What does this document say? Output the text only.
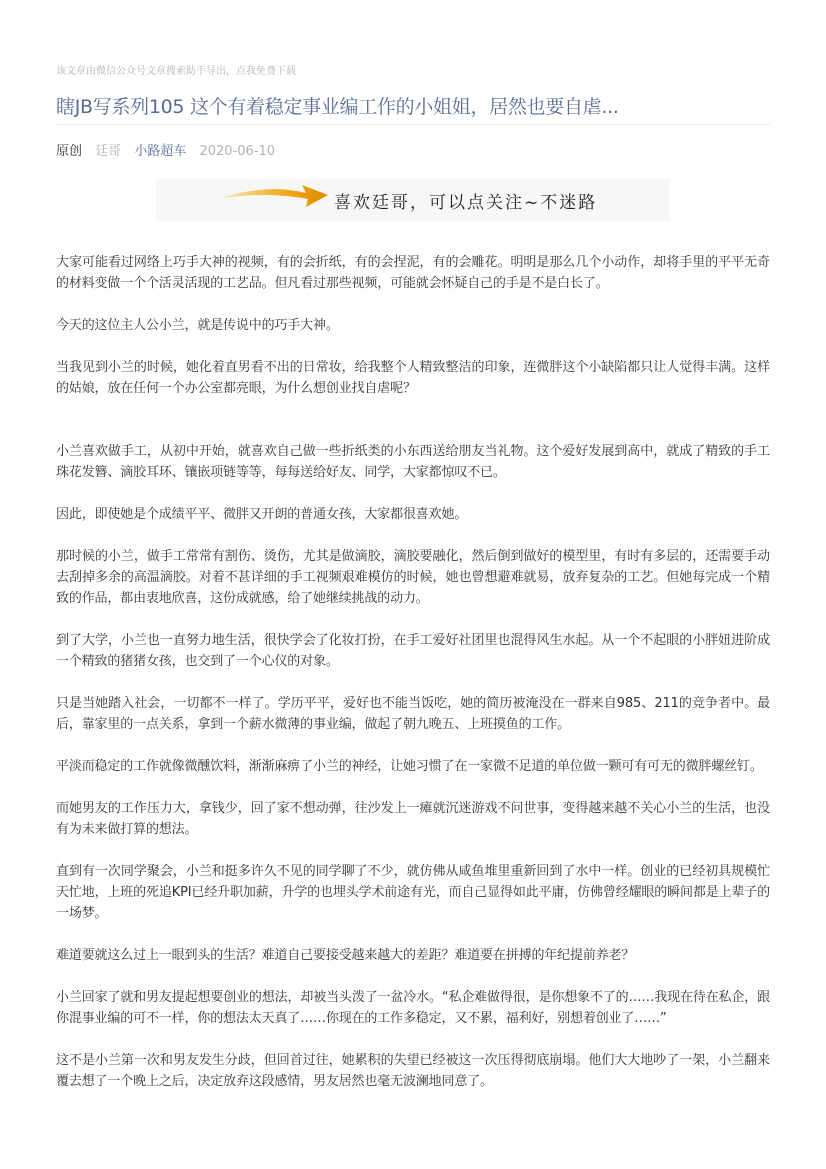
该文章由微信公众号文章搜索助手导出，点我免费下载
瞎JB写系列105 这个有着稳定事业编工作的小姐姐，居然也要自虐...
原创 廷哥 小路超车 2020-06-10
喜欢廷哥，可以点关注~不迷路

大家可能看过网络上巧手大神的视频，有的会折纸，有的会捏泥，有的会雕花。明明是那么几个小动作，却将手里的平平无奇的材料变做一个个活灵活现的工艺品。但凡看过那些视频，可能就会怀疑自己的手是不是白长了。

今天的这位主人公小兰，就是传说中的巧手大神。

当我见到小兰的时候，她化着直男看不出的日常妆，给我整个人精致整洁的印象，连微胖这个小缺陷都只让人觉得丰满。这样的姑娘，放在任何一个办公室都亮眼，为什么想创业找自虐呢？

小兰喜欢做手工，从初中开始，就喜欢自己做一些折纸类的小东西送给朋友当礼物。这个爱好发展到高中，就成了精致的手工珠花发簪、滴胶耳环、镶嵌项链等等，每每送给好友、同学，大家都惊叹不已。

因此，即使她是个成绩平平、微胖又开朗的普通女孩，大家都很喜欢她。

那时候的小兰，做手工常常有割伤、烫伤，尤其是做滴胶，滴胶要融化，然后倒到做好的模型里，有时有多层的，还需要手动去刮掉多余的高温滴胶。对着不甚详细的手工视频艰难模仿的时候，她也曾想避难就易，放弃复杂的工艺。但她每完成一个精致的作品，都由衷地欣喜，这份成就感，给了她继续挑战的动力。

到了大学，小兰也一直努力地生活，很快学会了化妆打扮，在手工爱好社团里也混得风生水起。从一个不起眼的小胖妞进阶成一个精致的猪猪女孩，也交到了一个心仪的对象。

只是当她踏入社会，一切都不一样了。学历平平，爱好也不能当饭吃，她的简历被淹没在一群来自985、211的竞争者中。最后，靠家里的一点关系，拿到一个薪水微薄的事业编，做起了朝九晚五、上班摸鱼的工作。

平淡而稳定的工作就像微醺饮料，渐渐麻痹了小兰的神经，让她习惯了在一家微不足道的单位做一颗可有可无的微胖螺丝钉。

而她男友的工作压力大，拿钱少，回了家不想动弹，往沙发上一瘫就沉迷游戏不问世事，变得越来越不关心小兰的生活，也没有为未来做打算的想法。

直到有一次同学聚会，小兰和挺多许久不见的同学聊了不少，就仿佛从咸鱼堆里重新回到了水中一样。创业的已经初具规模忙天忙地，上班的死追KPI已经升职加薪，升学的也埋头学术前途有光，而自己显得如此平庸，仿佛曾经耀眼的瞬间都是上辈子的一场梦。

难道要就这么过上一眼到头的生活？难道自己要接受越来越大的差距？难道要在拼搏的年纪提前养老？

小兰回家了就和男友提起想要创业的想法，却被当头泼了一盆冷水。“私企难做得很，是你想象不了的……我现在待在私企，跟你混事业编的可不一样，你的想法太天真了……你现在的工作多稳定，又不累，福利好，别想着创业了……”

这不是小兰第一次和男友发生分歧，但回首过往，她累积的失望已经被这一次压得彻底崩塌。他们大大地吵了一架，小兰翻来覆去想了一个晚上之后，决定放弃这段感情，男友居然也毫无波澜地同意了。
